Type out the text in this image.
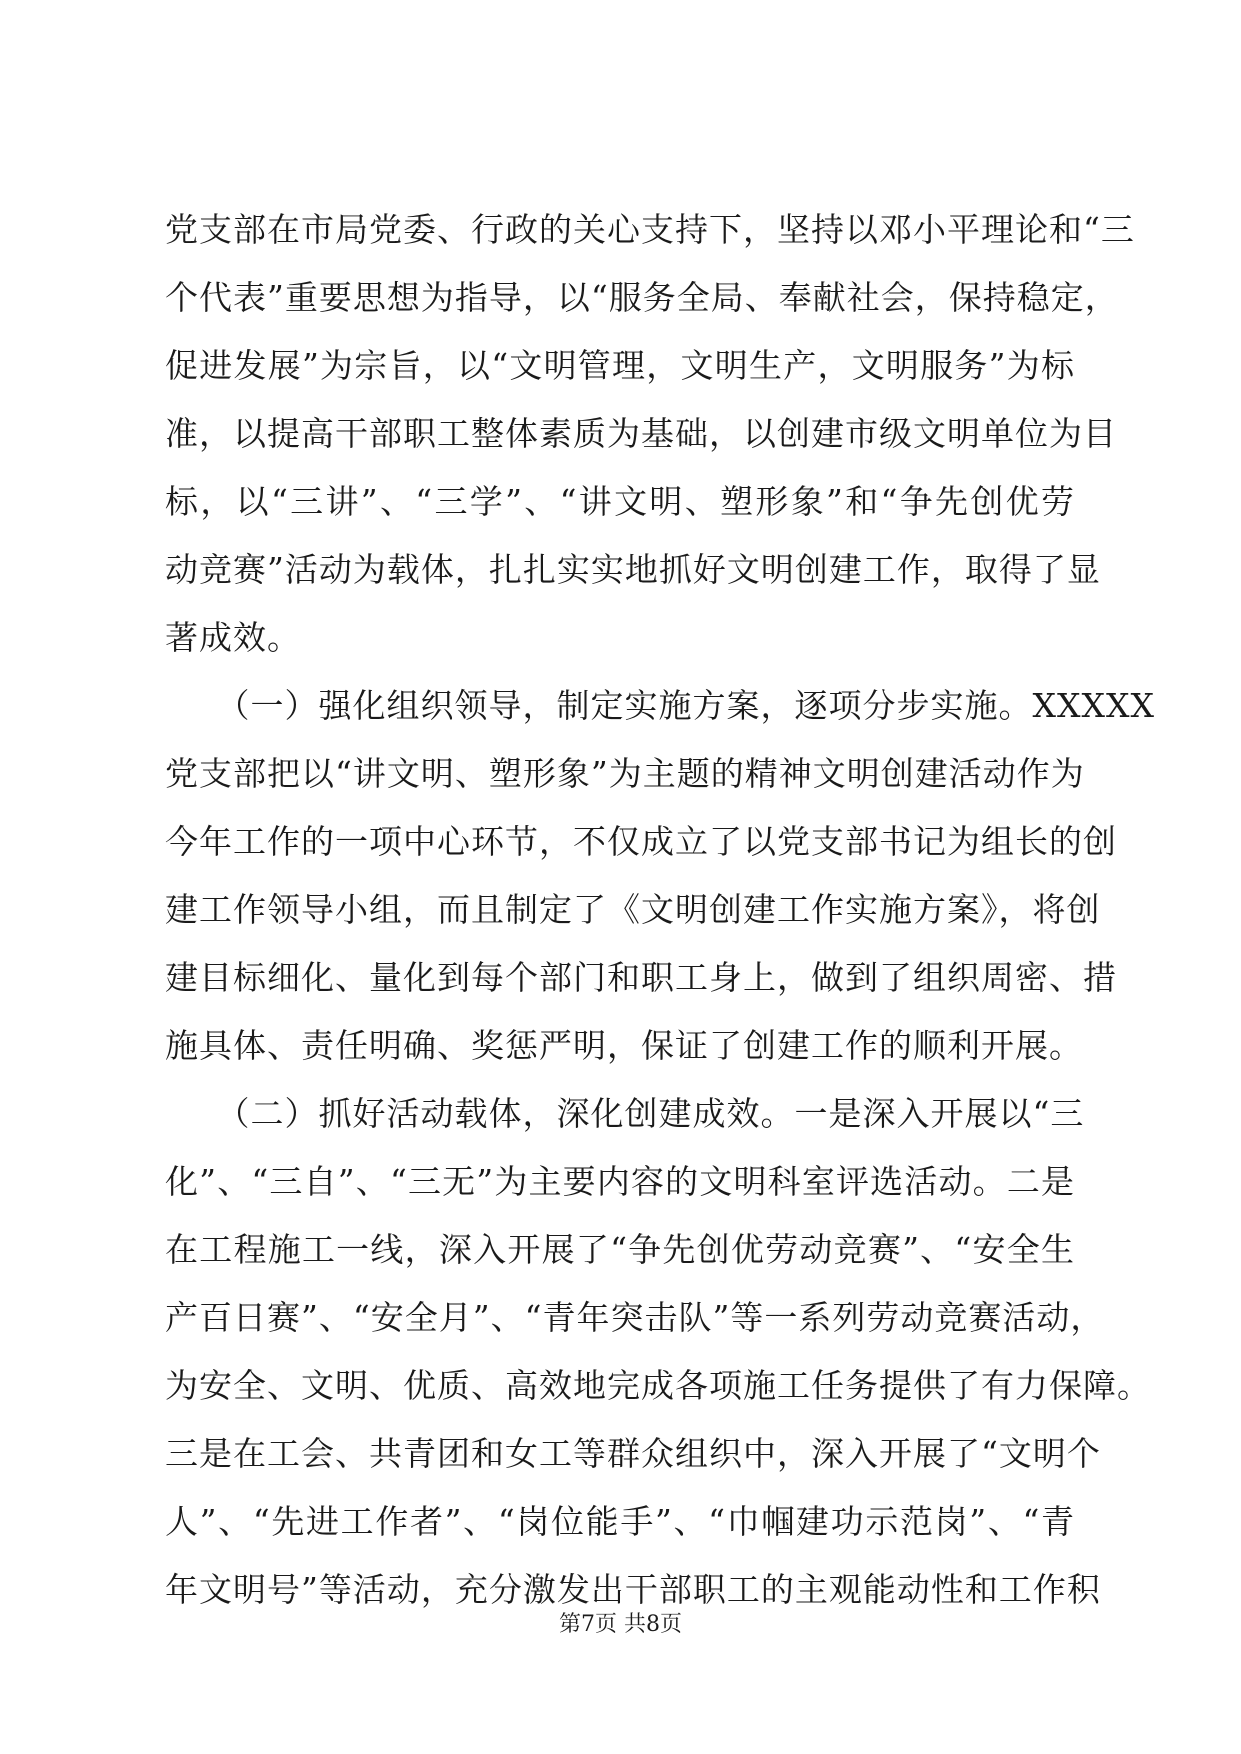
党支部在市局党委、行政的关心支持下，坚持以邓小平理论和“三
个代表”重要思想为指导，以“服务全局、奉献社会，保持稳定，
促进发展”为宗旨，以“文明管理，文明生产，文明服务”为标
准，以提高干部职工整体素质为基础，以创建市级文明单位为目
标，以“三讲”、“三学”、“讲文明、塑形象”和“争先创优劳
动竞赛”活动为载体，扎扎实实地抓好文明创建工作，取得了显
著成效。
　　（一）强化组织领导，制定实施方案，逐项分步实施。XXXXX
党支部把以“讲文明、塑形象”为主题的精神文明创建活动作为
今年工作的一项中心环节，不仅成立了以党支部书记为组长的创
建工作领导小组，而且制定了《文明创建工作实施方案》，将创
建目标细化、量化到每个部门和职工身上，做到了组织周密、措
施具体、责任明确、奖惩严明，保证了创建工作的顺利开展。
　　（二）抓好活动载体，深化创建成效。一是深入开展以“三
化”、“三自”、“三无”为主要内容的文明科室评选活动。二是
在工程施工一线，深入开展了“争先创优劳动竞赛”、“安全生
产百日赛”、“安全月”、“青年突击队”等一系列劳动竞赛活动，
为安全、文明、优质、高效地完成各项施工任务提供了有力保障。
三是在工会、共青团和女工等群众组织中，深入开展了“文明个
人”、“先进工作者”、“岗位能手”、“巾帼建功示范岗”、“青
年文明号”等活动，充分激发出干部职工的主观能动性和工作积
第7页 共8页
